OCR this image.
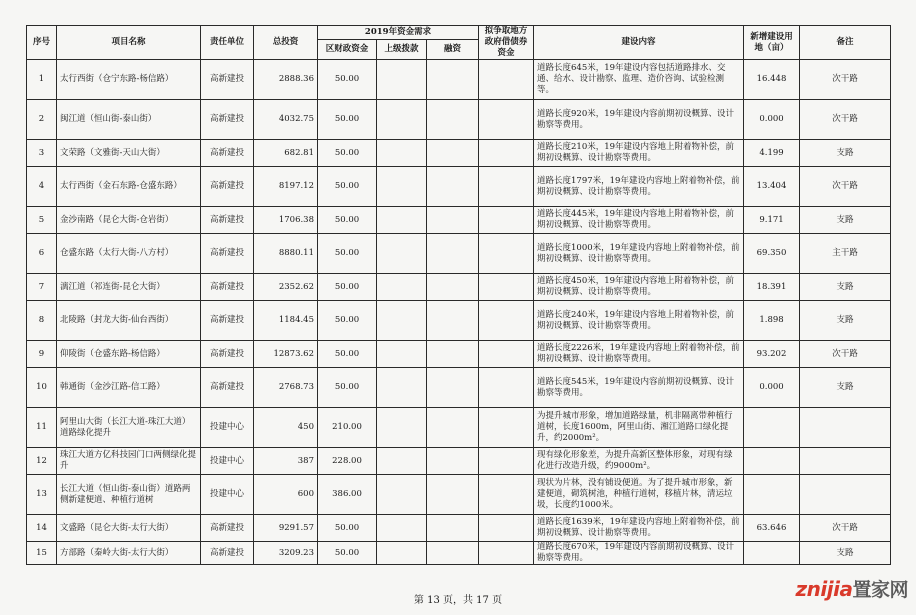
序号	项目名称	责任单位	总投资	2019年资金需求			拟争取地方政府借债券资金	建设内容	新增建设用地（亩）	备注
				区财政资金	上级拨款	融资				
1	太行西街（仓宁东路-杨信路）	高新建投	2888.36	50.00				道路长度645米，19年建设内容包括道路排水、交通、给水、设计勘察、监理、造价咨询、试验检测等。	16.448	次干路
2	闽江道（恒山街-泰山街）	高新建投	4032.75	50.00				道路长度920米，19年建设内容前期初设概算、设计勘察等费用。	0.000	次干路
3	文荣路（文雅街-天山大街）	高新建投	682.81	50.00				道路长度210米，19年建设内容地上附着物补偿，前期初设概算、设计勘察等费用。	4.199	支路
4	太行西街（金石东路-仓盛东路）	高新建投	8197.12	50.00				道路长度1797米，19年建设内容地上附着物补偿，前期初设概算、设计勘察等费用。	13.404	次干路
5	金沙南路（昆仑大街-仓岩街）	高新建投	1706.38	50.00				道路长度445米，19年建设内容地上附着物补偿，前期初设概算、设计勘察等费用。	9.171	支路
6	仓盛东路（太行大街-八方村）	高新建投	8880.11	50.00				道路长度1000米，19年建设内容地上附着物补偿，前期初设概算、设计勘察等费用。	69.350	主干路
7	漓江道（祁连街-昆仑大街）	高新建投	2352.62	50.00				道路长度450米，19年建设内容地上附着物补偿，前期初设概算、设计勘察等费用。	18.391	支路
8	北陵路（封龙大街-仙台西街）	高新建投	1184.45	50.00				道路长度240米，19年建设内容地上附着物补偿，前期初设概算、设计勘察等费用。	1.898	支路
9	仰陵街（仓盛东路-杨信路）	高新建投	12873.62	50.00				道路长度2226米，19年建设内容地上附着物补偿，前期初设概算、设计勘察等费用。	93.202	次干路
10	韩通街（金沙江路-信工路）	高新建投	2768.73	50.00				道路长度545米，19年建设内容前期初设概算、设计勘察等费用。	0.000	支路
11	阿里山大街（长江大道-珠江大道）道路绿化提升	投建中心	450	210.00				为提升城市形象，增加道路绿量，机非隔离带种植行道树，长度1600m，阿里山街、湘江道路口绿化提升，约2000m²。		
12	珠江大道方亿科技园门口两侧绿化提升	投建中心	387	228.00				现有绿化形象差，为提升高新区整体形象，对现有绿化进行改造升级，约9000m²。		
13	长江大道（恒山街-泰山街）道路两侧新建便道、种植行道树	投建中心	600	386.00				现状为片林，没有铺设便道。为了提升城市形象，新建便道，砌筑树池，种植行道树，移植片林，清运垃圾，长度约1000米。		
14	文盛路（昆仑大街-太行大街）	高新建投	9291.57	50.00				道路长度1639米，19年建设内容地上附着物补偿，前期初设概算、设计勘察等费用。	63.646	次干路
15	方部路（秦岭大街-太行大街）	高新建投	3209.23	50.00				道路长度670米，19年建设内容前期初设概算、设计勘察等费用。		支路
第 13 页，共 17 页	znijia置家网
